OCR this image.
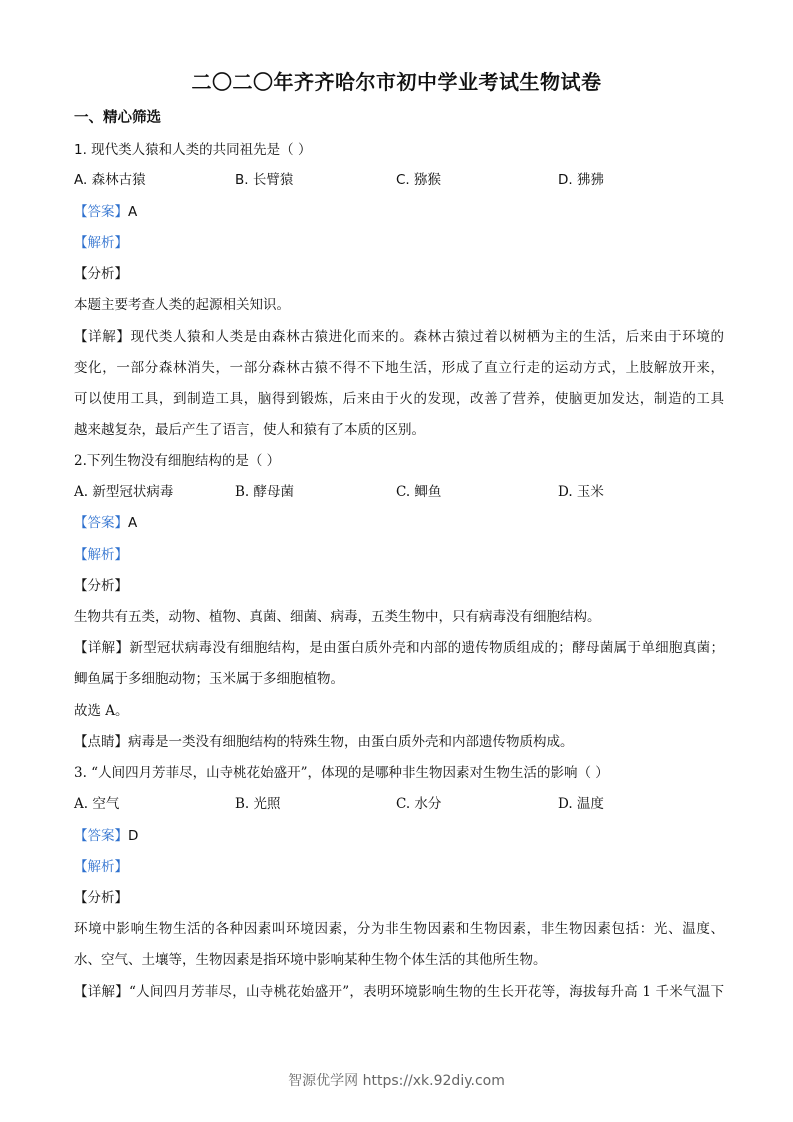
二〇二〇年齐齐哈尔市初中学业考试生物试卷
一、精心筛选
1. 现代类人猿和人类的共同祖先是（ ）
A. 森林古猿	B. 长臂猿	C. 猕猴	D. 狒狒
【答案】A
【解析】
【分析】
本题主要考查人类的起源相关知识。
【详解】现代类人猿和人类是由森林古猿进化而来的。森林古猿过着以树栖为主的生活，后来由于环境的
变化，一部分森林消失，一部分森林古猿不得不下地生活，形成了直立行走的运动方式，上肢解放开来，
可以使用工具，到制造工具，脑得到锻炼，后来由于火的发现，改善了营养，使脑更加发达，制造的工具
越来越复杂，最后产生了语言，使人和猿有了本质的区别。
2.下列生物没有细胞结构的是（ ）
A. 新型冠状病毒	B. 酵母菌	C. 鲫鱼	D. 玉米
【答案】A
【解析】
【分析】
生物共有五类，动物、植物、真菌、细菌、病毒，五类生物中，只有病毒没有细胞结构。
【详解】新型冠状病毒没有细胞结构，是由蛋白质外壳和内部的遗传物质组成的；酵母菌属于单细胞真菌；
鲫鱼属于多细胞动物；玉米属于多细胞植物。
故选 A。
【点睛】病毒是一类没有细胞结构的特殊生物，由蛋白质外壳和内部遗传物质构成。
3. “人间四月芳菲尽，山寺桃花始盛开”，体现的是哪种非生物因素对生物生活的影响（ ）
A. 空气	B. 光照	C. 水分	D. 温度
【答案】D
【解析】
【分析】
环境中影响生物生活的各种因素叫环境因素，分为非生物因素和生物因素，非生物因素包括：光、温度、
水、空气、土壤等，生物因素是指环境中影响某种生物个体生活的其他所生物。
【详解】“人间四月芳菲尽，山寺桃花始盛开”，表明环境影响生物的生长开花等，海拔每升高 1 千米气温下
智源优学网 https://xk.92diy.com
